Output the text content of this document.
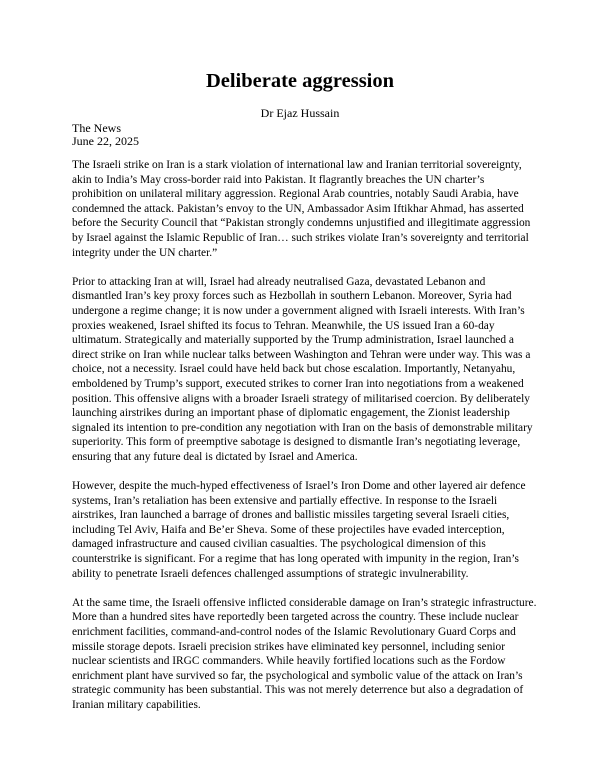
Deliberate aggression

Dr Ejaz Hussain

The News

June 22, 2025

The Israeli strike on Iran is a stark violation of international law and Iranian territorial sovereignty, akin to India’s May cross-border raid into Pakistan. It flagrantly breaches the UN charter’s prohibition on unilateral military aggression. Regional Arab countries, notably Saudi Arabia, have condemned the attack. Pakistan’s envoy to the UN, Ambassador Asim Iftikhar Ahmad, has asserted before the Security Council that “Pakistan strongly condemns unjustified and illegitimate aggression by Israel against the Islamic Republic of Iran… such strikes violate Iran’s sovereignty and territorial integrity under the UN charter.”

Prior to attacking Iran at will, Israel had already neutralised Gaza, devastated Lebanon and dismantled Iran’s key proxy forces such as Hezbollah in southern Lebanon. Moreover, Syria had undergone a regime change; it is now under a government aligned with Israeli interests. With Iran’s proxies weakened, Israel shifted its focus to Tehran. Meanwhile, the US issued Iran a 60-day ultimatum. Strategically and materially supported by the Trump administration, Israel launched a direct strike on Iran while nuclear talks between Washington and Tehran were under way. This was a choice, not a necessity. Israel could have held back but chose escalation. Importantly, Netanyahu, emboldened by Trump’s support, executed strikes to corner Iran into negotiations from a weakened position. This offensive aligns with a broader Israeli strategy of militarised coercion. By deliberately launching airstrikes during an important phase of diplomatic engagement, the Zionist leadership signaled its intention to pre-condition any negotiation with Iran on the basis of demonstrable military superiority. This form of preemptive sabotage is designed to dismantle Iran’s negotiating leverage, ensuring that any future deal is dictated by Israel and America.

However, despite the much-hyped effectiveness of Israel’s Iron Dome and other layered air defence systems, Iran’s retaliation has been extensive and partially effective. In response to the Israeli airstrikes, Iran launched a barrage of drones and ballistic missiles targeting several Israeli cities, including Tel Aviv, Haifa and Be’er Sheva. Some of these projectiles have evaded interception, damaged infrastructure and caused civilian casualties. The psychological dimension of this counterstrike is significant. For a regime that has long operated with impunity in the region, Iran’s ability to penetrate Israeli defences challenged assumptions of strategic invulnerability.

At the same time, the Israeli offensive inflicted considerable damage on Iran’s strategic infrastructure. More than a hundred sites have reportedly been targeted across the country. These include nuclear enrichment facilities, command-and-control nodes of the Islamic Revolutionary Guard Corps and missile storage depots. Israeli precision strikes have eliminated key personnel, including senior nuclear scientists and IRGC commanders. While heavily fortified locations such as the Fordow enrichment plant have survived so far, the psychological and symbolic value of the attack on Iran’s strategic community has been substantial. This was not merely deterrence but also a degradation of Iranian military capabilities.
